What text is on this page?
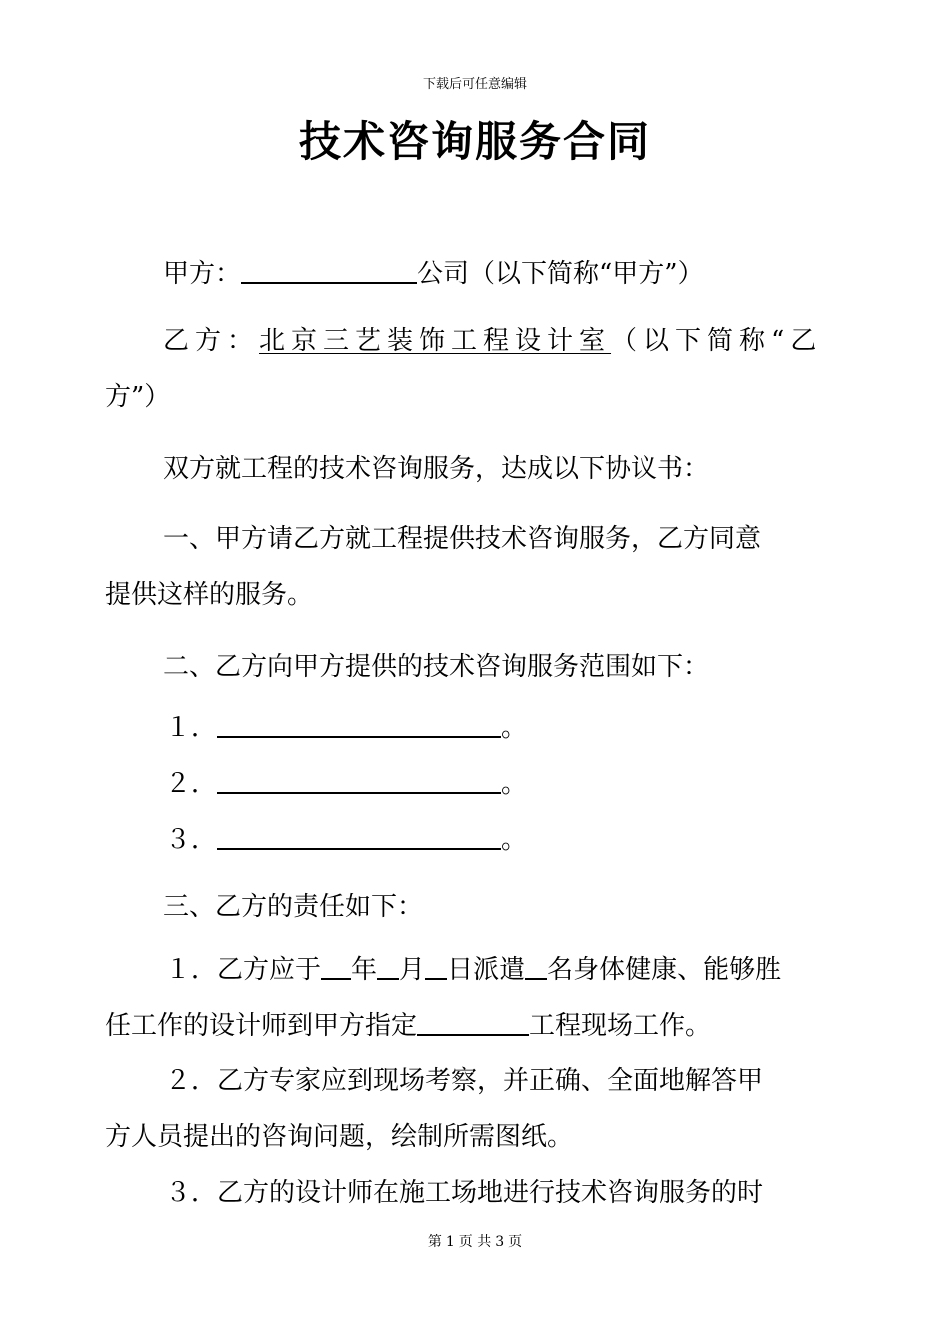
下载后可任意编辑
技术咨询服务合同
甲方：	公司（以下简称“甲方”）
乙方：北京三艺装饰工程设计室（以下简称“乙
方”）
双方就工程的技术咨询服务，达成以下协议书：
一、甲方请乙方就工程提供技术咨询服务，乙方同意
提供这样的服务。
二、乙方向甲方提供的技术咨询服务范围如下：
１．	。
２．	。
３．	。
三、乙方的责任如下：
１．乙方应于 年 月 日派遣 名身体健康、能够胜
任工作的设计师到甲方指定	工程现场工作。
２．乙方专家应到现场考察，并正确、全面地解答甲
方人员提出的咨询问题，绘制所需图纸。
３．乙方的设计师在施工场地进行技术咨询服务的时
第 1 页 共 3 页
